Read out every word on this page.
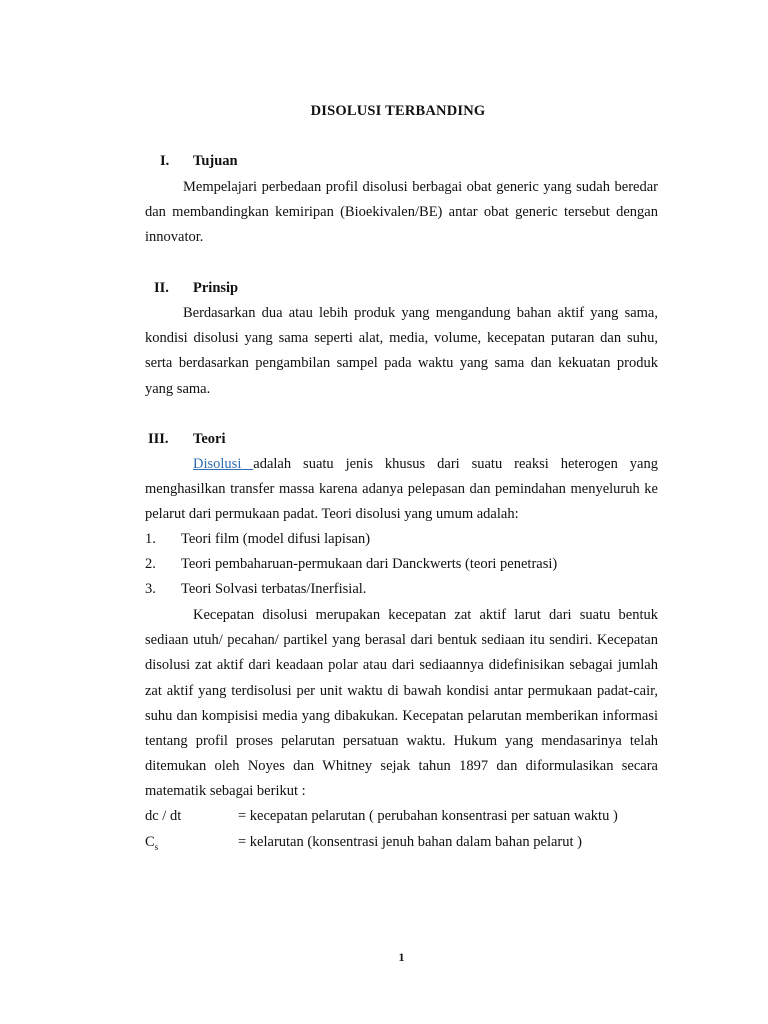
DISOLUSI TERBANDING
I. Tujuan

Mempelajari perbedaan profil disolusi berbagai obat generic yang sudah beredar dan membandingkan kemiripan (Bioekivalen/BE) antar obat generic tersebut dengan innovator.

II. Prinsip

Berdasarkan dua atau lebih produk yang mengandung bahan aktif yang sama, kondisi disolusi yang sama seperti alat, media, volume, kecepatan putaran dan suhu, serta berdasarkan pengambilan sampel pada waktu yang sama dan kekuatan produk yang sama.

III. Teori

Disolusi adalah suatu jenis khusus dari suatu reaksi heterogen yang menghasilkan transfer massa karena adanya pelepasan dan pemindahan menyeluruh ke pelarut dari permukaan padat. Teori disolusi yang umum adalah:

1. Teori film (model difusi lapisan)
2. Teori pembaharuan-permukaan dari Danckwerts (teori penetrasi)
3. Teori Solvasi terbatas/Inerfisial.

Kecepatan disolusi merupakan kecepatan zat aktif larut dari suatu bentuk sediaan utuh/ pecahan/ partikel yang berasal dari bentuk sediaan itu sendiri. Kecepatan disolusi zat aktif dari keadaan polar atau dari sediaannya didefinisikan sebagai jumlah zat aktif yang terdisolusi per unit waktu di bawah kondisi antar permukaan padat-cair, suhu dan kompisisi media yang dibakukan. Kecepatan pelarutan memberikan informasi tentang profil proses pelarutan persatuan waktu. Hukum yang mendasarinya telah ditemukan oleh Noyes dan Whitney sejak tahun 1897 dan diformulasikan secara matematik sebagai berikut :

dc / dt	= kecepatan pelarutan ( perubahan konsentrasi per satuan waktu )
$C_s$	= kelarutan (konsentrasi jenuh bahan dalam bahan pelarut )
1
